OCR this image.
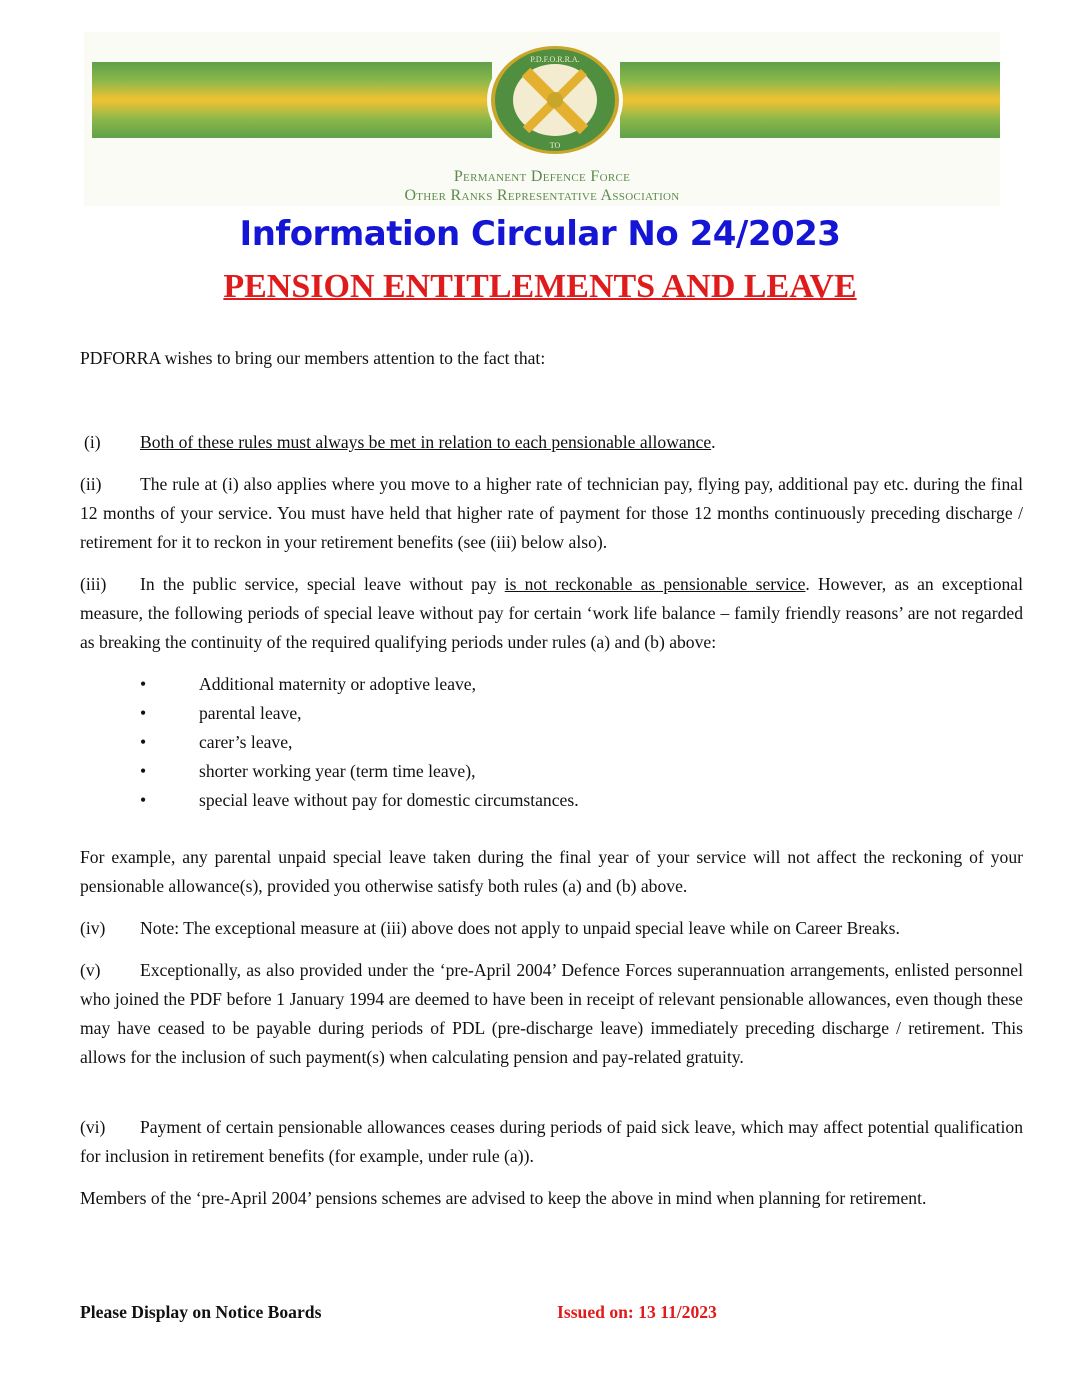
P.D.F.O.R.R.A.
TO
Permanent Defence Force
Other Ranks Representative Association
Information Circular No 24/2023
PENSION ENTITLEMENTS AND LEAVE
PDFORRA wishes to bring our members attention to the fact that:
(i) Both of these rules must always be met in relation to each pensionable allowance.
(ii) The rule at (i) also applies where you move to a higher rate of technician pay, flying pay, additional pay etc. during the final 12 months of your service. You must have held that higher rate of payment for those 12 months continuously preceding discharge / retirement for it to reckon in your retirement benefits (see (iii) below also).
(iii) In the public service, special leave without pay is not reckonable as pensionable service. However, as an exceptional measure, the following periods of special leave without pay for certain ‘work life balance – family friendly reasons’ are not regarded as breaking the continuity of the required qualifying periods under rules (a) and (b) above:
•	Additional maternity or adoptive leave,
•	parental leave,
•	carer’s leave,
•	shorter working year (term time leave),
•	special leave without pay for domestic circumstances.
For example, any parental unpaid special leave taken during the final year of your service will not affect the reckoning of your pensionable allowance(s), provided you otherwise satisfy both rules (a) and (b) above.
(iv) Note: The exceptional measure at (iii) above does not apply to unpaid special leave while on Career Breaks.
(v) Exceptionally, as also provided under the ‘pre-April 2004’ Defence Forces superannuation arrangements, enlisted personnel who joined the PDF before 1 January 1994 are deemed to have been in receipt of relevant pensionable allowances, even though these may have ceased to be payable during periods of PDL (pre-discharge leave) immediately preceding discharge / retirement. This allows for the inclusion of such payment(s) when calculating pension and pay-related gratuity.
(vi) Payment of certain pensionable allowances ceases during periods of paid sick leave, which may affect potential qualification for inclusion in retirement benefits (for example, under rule (a)).
Members of the ‘pre-April 2004’ pensions schemes are advised to keep the above in mind when planning for retirement.
Please Display on Notice Boards	Issued on: 13 11/2023
